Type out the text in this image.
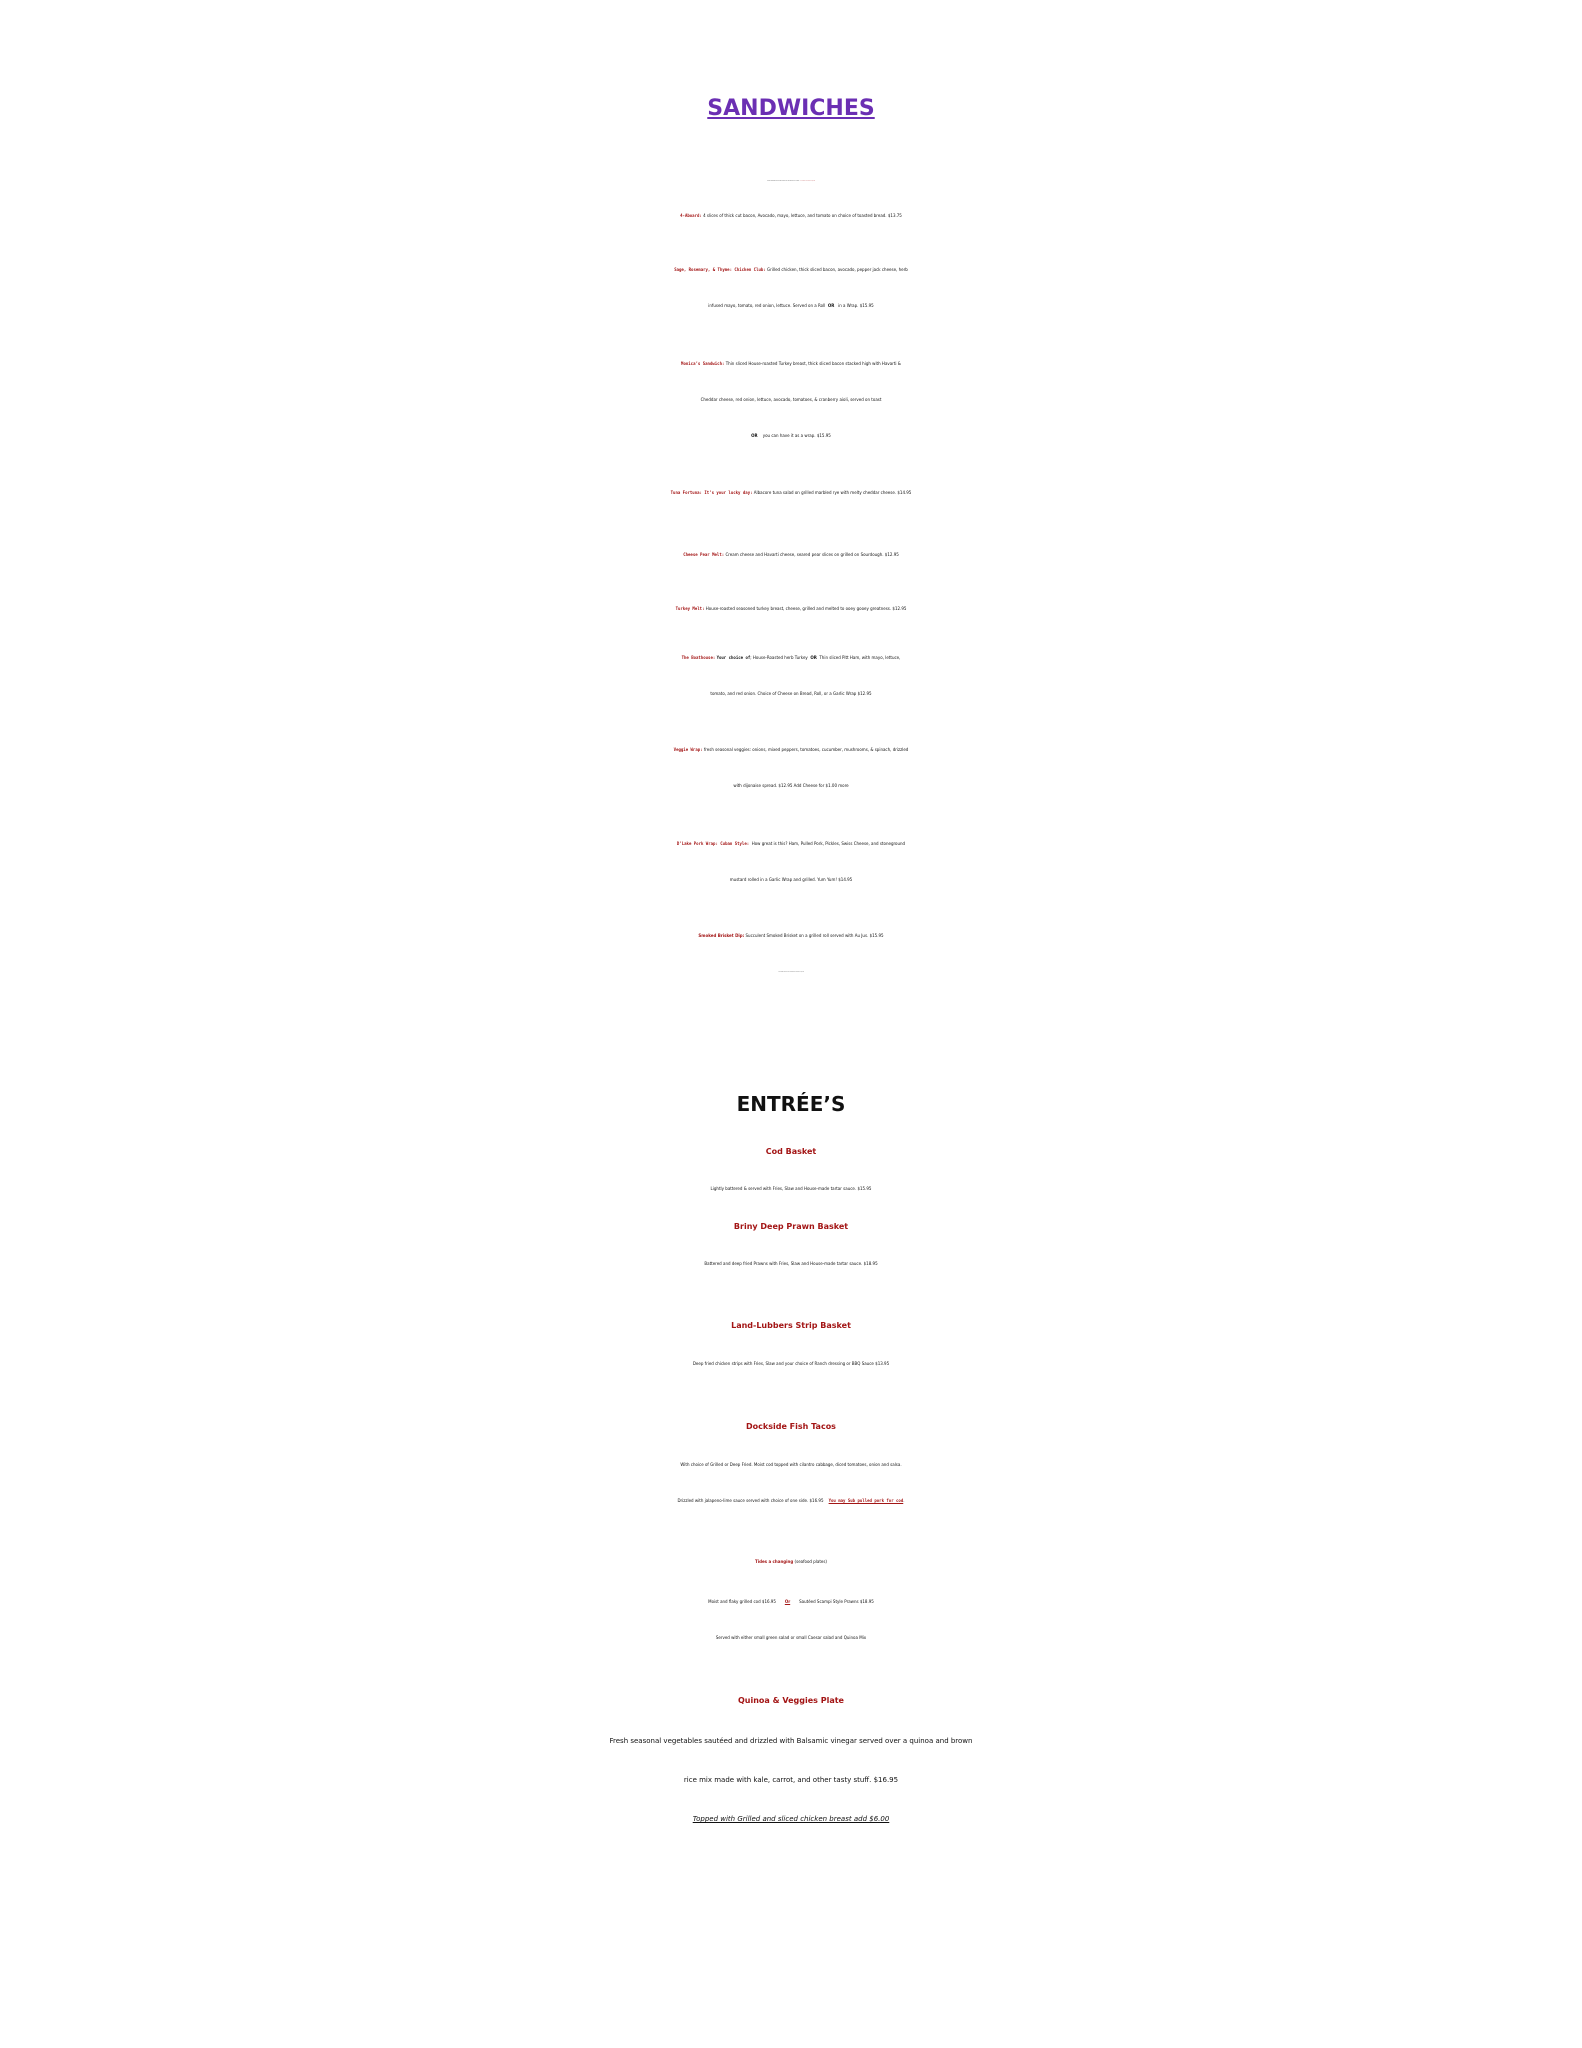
SANDWICHES
You may substitute a cup of Clam Chowder for your side dish for 1.25 more   Sub Gluten Free Bun for $1.25
4-Aboard: 4 slices of thick cut bacon, Avocado, mayo, lettuce, and tomato on choice of toasted bread. $13.75
Sage, Rosemary, & Thyme: Chicken Club: Grilled chicken, thick sliced bacon, avocado, pepper jack cheese, herb
infused mayo, tomato, red onion, lettuce. Served on a Roll OR in a Wrap. $15.95
Monica’s Sandwich: Thin sliced House-roasted Turkey breast, thick sliced bacon stacked high with Havarti &
Cheddar cheese, red onion, lettuce, avocado, tomatoes, & cranberry aioli, served on toast
OR you can have it as a wrap. $15.95
Tuna Fortuna: It’s your lucky day: Albacore tuna salad on grilled marbled rye with melty cheddar cheese. $14.95
Cheese Pear Melt: Cream cheese and Havarti cheese, seared pear slices on grilled on Sourdough. $12.95
Turkey Melt: House-roasted seasoned turkey breast, cheese, grilled and melted to ooey gooey greatness. $12.95
The Boathouse: Your choice of; House-Roasted herb Turkey OR Thin sliced Pitt Ham, with mayo, lettuce,
tomato, and red onion. Choice of Cheese on Bread, Roll, or a Garlic Wrap $12.95
Veggie Wrap: fresh seasonal veggies: onions, mixed peppers, tomatoes, cucumber, mushrooms, & spinach, drizzled
with dijonaise spread. $12.95 Add Cheese for $1.00 more
D’Lake Pork Wrap: Cuban Style: How great is this? Ham, Pulled Pork, Pickles, Swiss Cheese, and stoneground
mustard rolled in a Garlic Wrap and grilled. Yum Yum! $14.95
Smoked Brisket Dip: Succulent Smoked Brisket on a grilled roll served with Au Jus. $15.95
Add Swiss cheese and caramelized onions for $1.50
ENTRÉE’S
Cod Basket
Lightly battered & served with Fries, Slaw and House-made tartar sauce. $15.95
Briny Deep Prawn Basket
Battered and deep fried Prawns with Fries, Slaw and House-made tartar sauce. $18.95
Land-Lubbers Strip Basket
Deep fried chicken strips with Fries, Slaw and your choice of Ranch dressing or BBQ Sauce $13.95
Dockside Fish Tacos
With choice of Grilled or Deep Fried. Moist cod topped with cilantro cabbage, diced tomatoes, onion and salsa.
Drizzled with jalapeno-lime sauce served with choice of one side. $16.95 You may Sub pulled pork for cod.
Tides a changing (seafood plates)
Moist and flaky grilled cod $16.95 Or Sautéed Scampi Style Prawns $18.95
Served with either small green salad or small Caesar salad and Quinoa Mix
Quinoa & Veggies Plate
Fresh seasonal vegetables sautéed and drizzled with Balsamic vinegar served over a quinoa and brown
rice mix made with kale, carrot, and other tasty stuff. $16.95
Topped with Grilled and sliced chicken breast add $6.00
